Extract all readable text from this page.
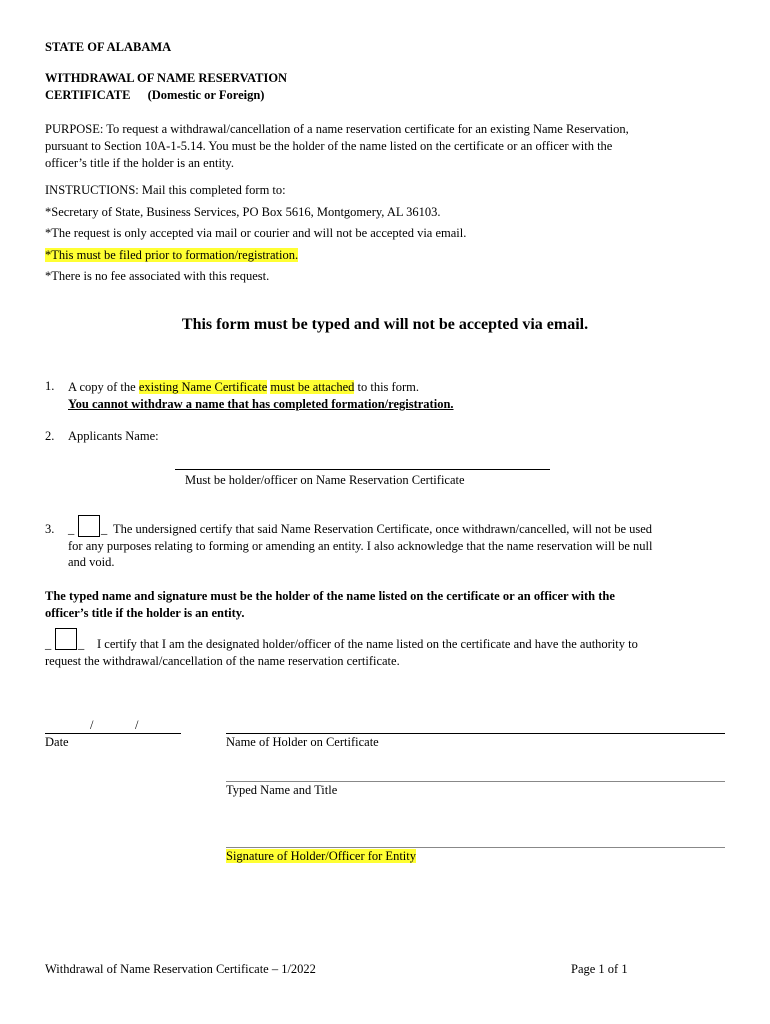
STATE OF ALABAMA
WITHDRAWAL OF NAME RESERVATION
CERTIFICATE (Domestic or Foreign)

PURPOSE: To request a withdrawal/cancellation of a name reservation certificate for an existing Name Reservation,

pursuant to Section 10A-1-5.14. You must be the holder of the name listed on the certificate or an officer with the

officer’s title if the holder is an entity.

INSTRUCTIONS: Mail this completed form to:

*Secretary of State, Business Services, PO Box 5616, Montgomery, AL 36103.

*The request is only accepted via mail or courier and will not be accepted via email.

*This must be filed prior to formation/registration.

*There is no fee associated with this request.

This form must be typed and will not be accepted via email.
1. A copy of the existing Name Certificate must be attached to this form.

You cannot withdraw a name that has completed formation/registration.

2. Applicants Name:
Must be holder/officer on Name Reservation Certificate
3. _ _ The undersigned certify that said Name Reservation Certificate, once withdrawn/cancelled, will not be used

for any purposes relating to forming or amending an entity. I also acknowledge that the name reservation will be null

and void.

The typed name and signature must be the holder of the name listed on the certificate or an officer with the

officer’s title if the holder is an entity.

_ _ I certify that I am the designated holder/officer of the name listed on the certificate and have the authority to
request the withdrawal/cancellation of the name reservation certificate.
/	/
Date	Name of Holder on Certificate
Typed Name and Title
Signature of Holder/Officer for Entity
Withdrawal of Name Reservation Certificate – 1/2022	Page 1 of 1
